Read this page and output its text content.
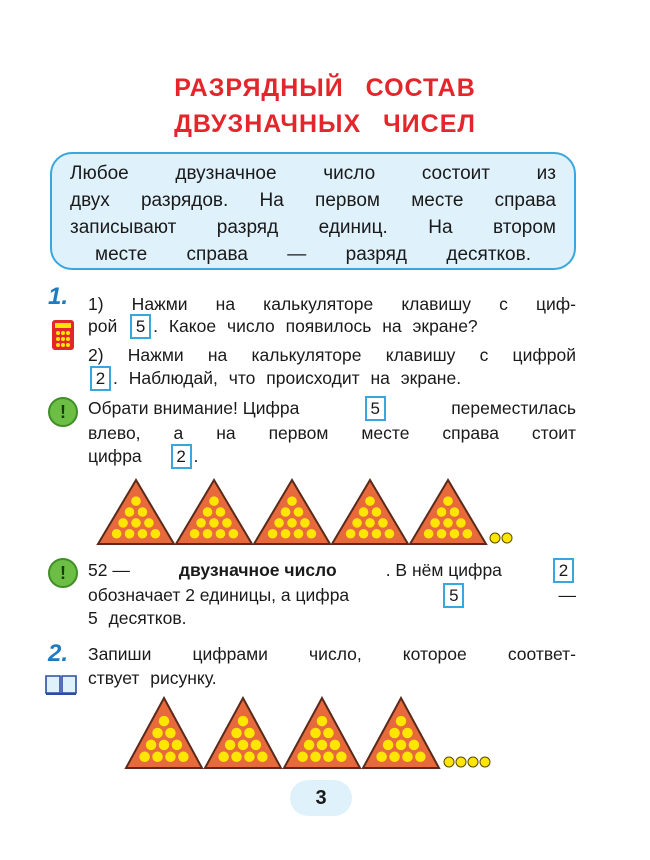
РАЗРЯДНЫЙ СОСТАВ
ДВУЗНАЧНЫХ ЧИСЕЛ
Любое двузначное число состоит из
двух разрядов. На первом месте справа
записывают разряд единиц. На втором
месте справа — разряд десятков.
1. 1) Нажми на калькуляторе клавишу с циф-
рой 5 . Какое число появилось на экране?
2) Нажми на калькуляторе клавишу с цифрой
2 . Наблюдай, что происходит на экране.
!	Обрати внимание! Цифра	5	переместилась
влево, а на первом месте справа стоит
цифра 2 .
!	52 —	двузначное число	. В нём цифра	2
обозначает 2 единицы, а цифра	5	—
5 десятков.
2. Запиши цифрами число, которое соответ-
ствует рисунку.
3
